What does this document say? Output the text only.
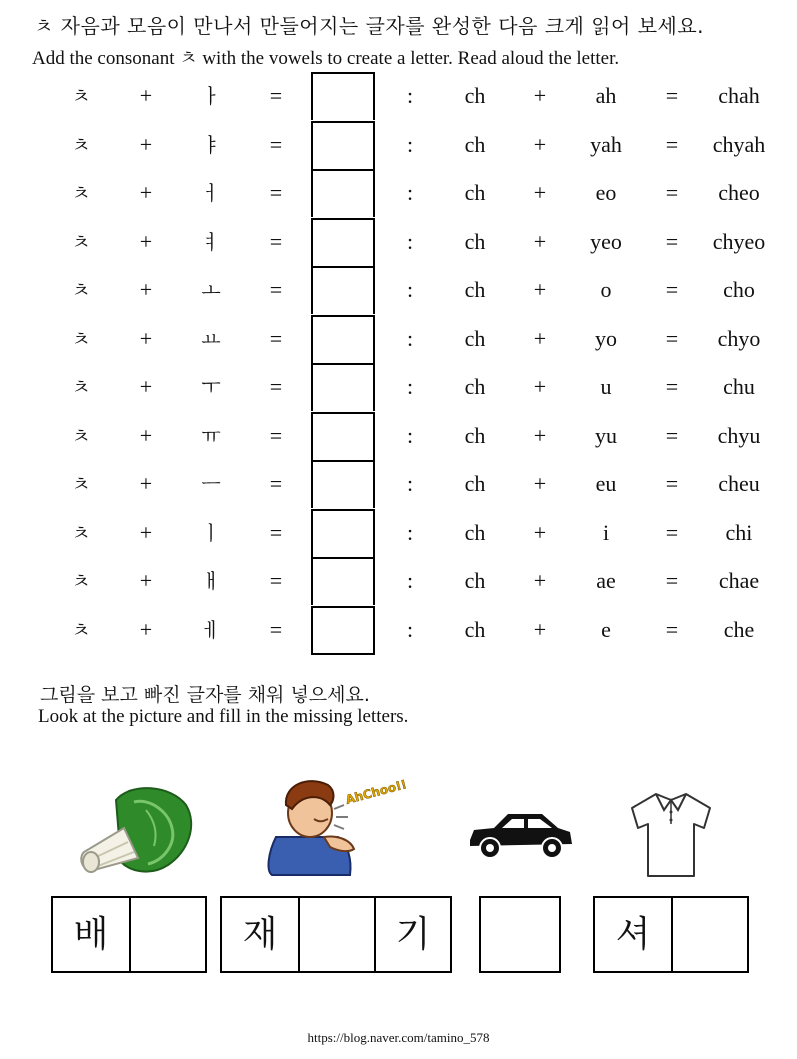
ㅊ 자음과 모음이 만나서 만들어지는 글자를 완성한 다음 크게 읽어 보세요.
Add the consonant ㅊ with the vowels to create a letter. Read aloud the letter.
ㅊ	+	ㅏ	=	:	ch	+	ah	=	chah
ㅊ	+	ㅑ	=	:	ch	+	yah	=	chyah
ㅊ	+	ㅓ	=	:	ch	+	eo	=	cheo
ㅊ	+	ㅕ	=	:	ch	+	yeo	=	chyeo
ㅊ	+	ㅗ	=	:	ch	+	o	=	cho
ㅊ	+	ㅛ	=	:	ch	+	yo	=	chyo
ㅊ	+	ㅜ	=	:	ch	+	u	=	chu
ㅊ	+	ㅠ	=	:	ch	+	yu	=	chyu
ㅊ	+	ㅡ	=	:	ch	+	eu	=	cheu
ㅊ	+	ㅣ	=	:	ch	+	i	=	chi
ㅊ	+	ㅐ	=	:	ch	+	ae	=	chae
ㅊ	+	ㅔ	=	:	ch	+	e	=	che
그림을 보고 빠진 글자를 채워 넣으세요.
Look at the picture and fill in the missing letters.
AhChoo!!
배	재	기	셔
https://blog.naver.com/tamino_578
